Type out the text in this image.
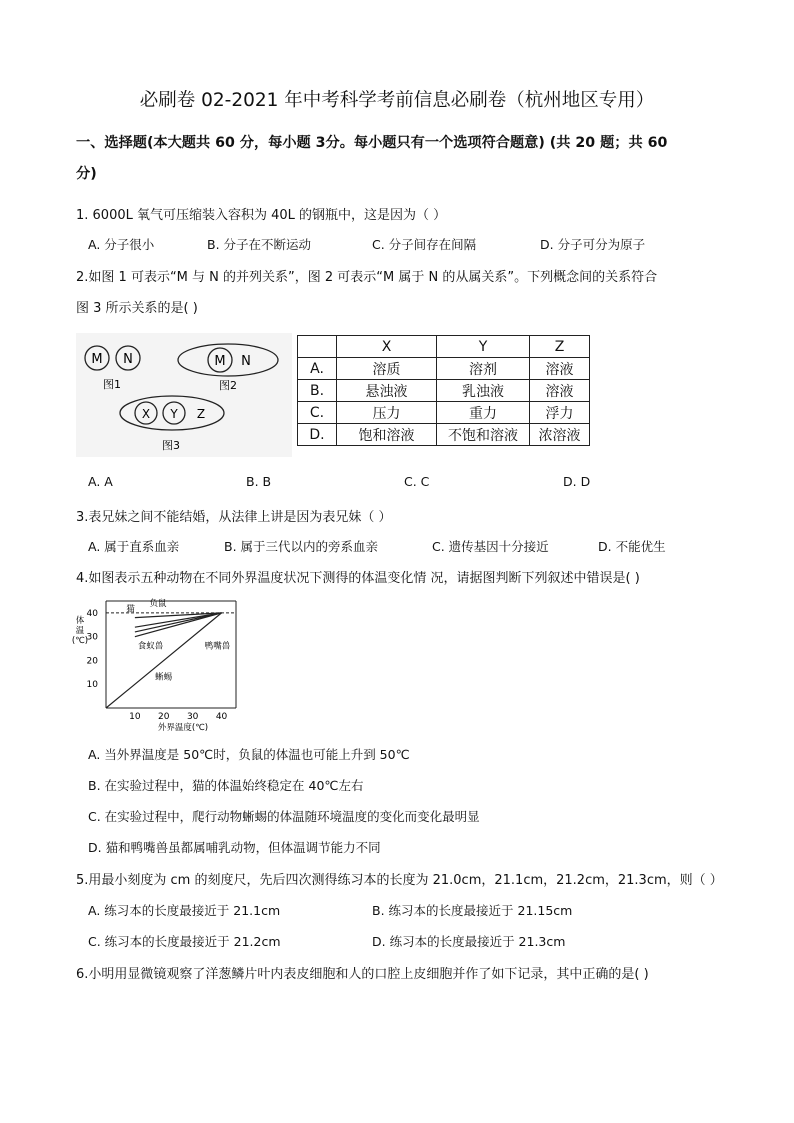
必刷卷 02-2021 年中考科学考前信息必刷卷（杭州地区专用）
一、选择题(本大题共 60 分，每小题 3分。每小题只有一个选项符合题意) (共 20 题；共 60
分)
1. 6000L 氧气可压缩装入容积为 40L 的钢瓶中，这是因为（ ）
A. 分子很小	B. 分子在不断运动	C. 分子间存在间隔	D. 分子可分为原子
2.如图 1 可表示“M 与 N 的并列关系”，图 2 可表示“M 属于 N 的从属关系”。下列概念间的关系符合
图 3 所示关系的是( )
M N
图1
M N
图2
X Y Z
图3
	X	Y	Z
A.	溶质	溶剂	溶液
B.	悬浊液	乳浊液	溶液
C.	压力	重力	浮力
D.	饱和溶液	不饱和溶液	浓溶液
A. A	B. B	C. C	D. D
3.表兄妹之间不能结婚，从法律上讲是因为表兄妹（ ）
A. 属于直系血亲	B. 属于三代以内的旁系血亲	C. 遗传基因十分接近	D. 不能优生
4.如图表示五种动物在不同外界温度状况下测得的体温变化情 况，请据图判断下列叙述中错误是( )
10
20
30
40
10 20 30 40
体
温
(℃)
外界温度(℃)
负鼠
猫
食蚁兽	鸭嘴兽
蜥蜴
A. 当外界温度是 50℃时，负鼠的体温也可能上升到 50℃
B. 在实验过程中，猫的体温始终稳定在 40℃左右
C. 在实验过程中，爬行动物蜥蜴的体温随环境温度的变化而变化最明显
D. 猫和鸭嘴兽虽都属哺乳动物，但体温调节能力不同
5.用最小刻度为 cm 的刻度尺，先后四次测得练习本的长度为 21.0cm，21.1cm，21.2cm，21.3cm，则（ ）
A. 练习本的长度最接近于 21.1cm	B. 练习本的长度最接近于 21.15cm
C. 练习本的长度最接近于 21.2cm	D. 练习本的长度最接近于 21.3cm
6.小明用显微镜观察了洋葱鳞片叶内表皮细胞和人的口腔上皮细胞并作了如下记录，其中正确的是( )
